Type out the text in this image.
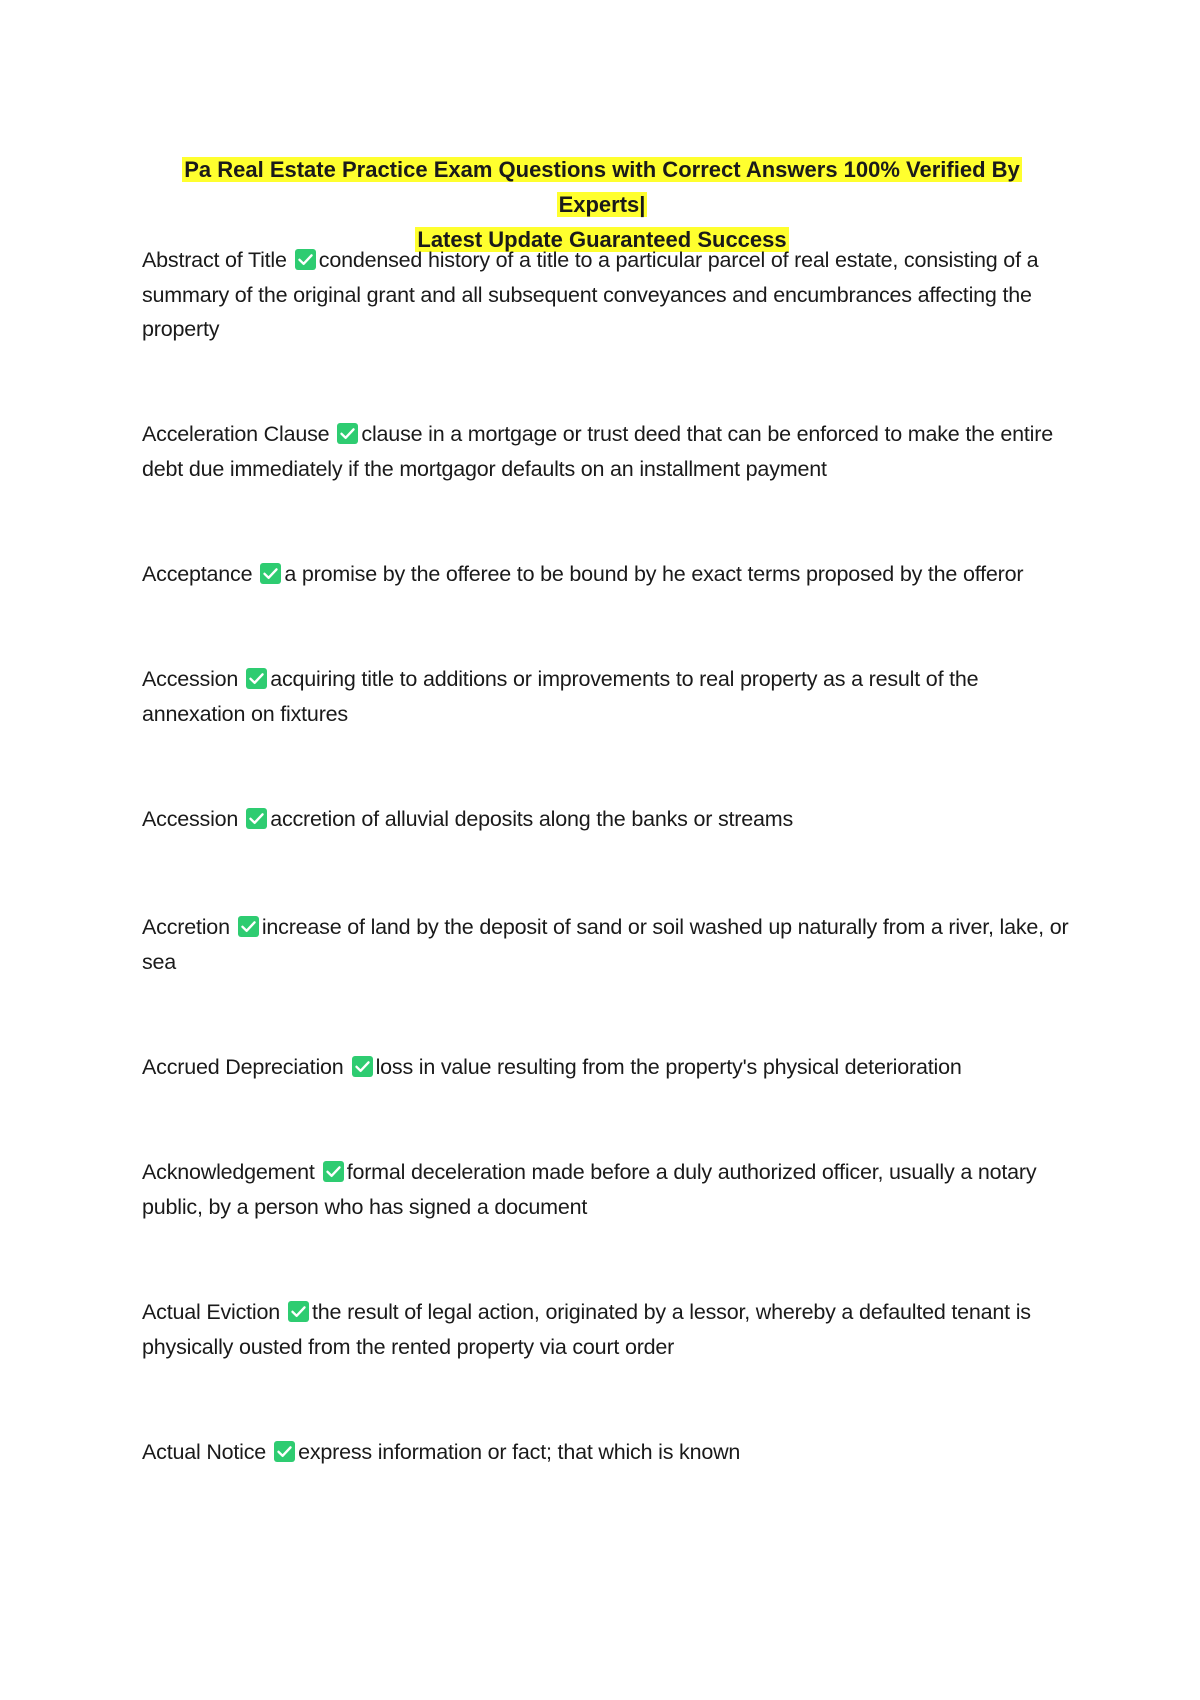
Pa Real Estate Practice Exam Questions with Correct Answers 100% Verified By Experts|
Latest Update Guaranteed Success
Abstract of Title condensed history of a title to a particular parcel of real estate, consisting of a summary of the original grant and all subsequent conveyances and encumbrances affecting the property
Acceleration Clause clause in a mortgage or trust deed that can be enforced to make the entire debt due immediately if the mortgagor defaults on an installment payment
Acceptance a promise by the offeree to be bound by he exact terms proposed by the offeror
Accession acquiring title to additions or improvements to real property as a result of the annexation on fixtures
Accession accretion of alluvial deposits along the banks or streams
Accretion increase of land by the deposit of sand or soil washed up naturally from a river, lake, or sea
Accrued Depreciation loss in value resulting from the property's physical deterioration
Acknowledgement formal deceleration made before a duly authorized officer, usually a notary public, by a person who has signed a document
Actual Eviction the result of legal action, originated by a lessor, whereby a defaulted tenant is physically ousted from the rented property via court order
Actual Notice express information or fact; that which is known
